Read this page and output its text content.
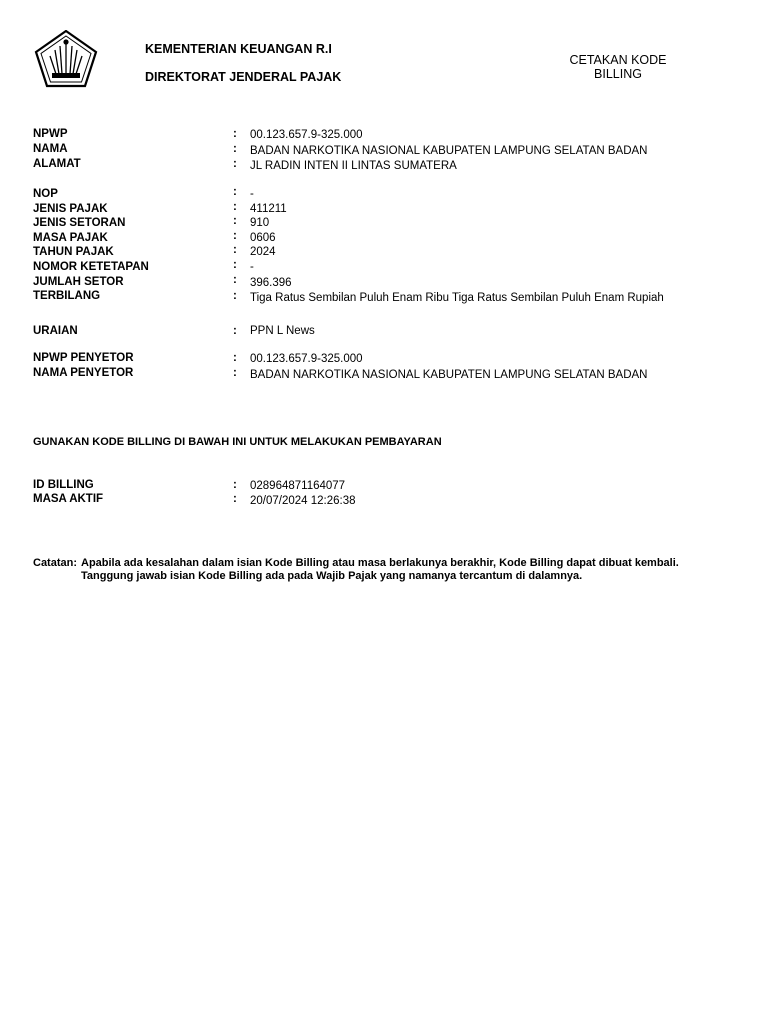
KEMENTERIAN KEUANGAN R.I
DIREKTORAT JENDERAL PAJAK
CETAKAN KODE
BILLING
NPWP	: 00.123.657.9-325.000
NAMA	: BADAN NARKOTIKA NASIONAL KABUPATEN LAMPUNG SELATAN BADAN
ALAMAT	: JL RADIN INTEN II LINTAS SUMATERA
NOP	: -
JENIS PAJAK	: 411211
JENIS SETORAN	: 910
MASA PAJAK	: 0606
TAHUN PAJAK	: 2024
NOMOR KETETAPAN	: -
JUMLAH SETOR	: 396.396
TERBILANG	: Tiga Ratus Sembilan Puluh Enam Ribu Tiga Ratus Sembilan Puluh Enam Rupiah
URAIAN	: PPN L News
NPWP PENYETOR	: 00.123.657.9-325.000
NAMA PENYETOR	: BADAN NARKOTIKA NASIONAL KABUPATEN LAMPUNG SELATAN BADAN
GUNAKAN KODE BILLING DI BAWAH INI UNTUK MELAKUKAN PEMBAYARAN
ID BILLING	: 028964871164077
MASA AKTIF	: 20/07/2024 12:26:38
Catatan: Apabila ada kesalahan dalam isian Kode Billing atau masa berlakunya berakhir, Kode Billing dapat dibuat kembali. Tanggung jawab isian Kode Billing ada pada Wajib Pajak yang namanya tercantum di dalamnya.
